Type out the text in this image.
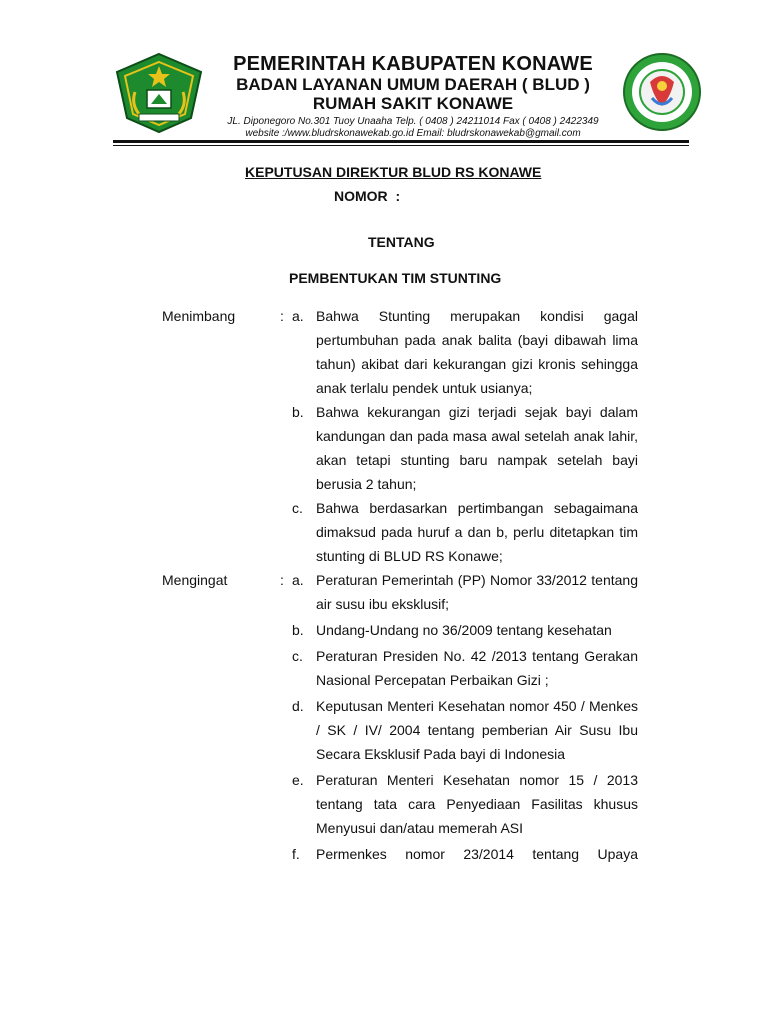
PEMERINTAH KABUPATEN KONAWE
BADAN LAYANAN UMUM DAERAH ( BLUD )
RUMAH SAKIT KONAWE
JL. Diponegoro No.301 Tuoy Unaaha Telp. ( 0408 ) 24211014 Fax ( 0408 ) 2422349
website :/www.bludrskonawekab.go.id Email: bludrskonawekab@gmail.com
KEPUTUSAN DIREKTUR BLUD RS KONAWE
NOMOR :
TENTANG
PEMBENTUKAN TIM STUNTING
Menimbang	: a. Bahwa Stunting merupakan kondisi gagal pertumbuhan pada anak balita (bayi dibawah lima tahun) akibat dari kekurangan gizi kronis sehingga anak terlalu pendek untuk usianya;
b. Bahwa kekurangan gizi terjadi sejak bayi dalam kandungan dan pada masa awal setelah anak lahir, akan tetapi stunting baru nampak setelah bayi berusia 2 tahun;
c. Bahwa berdasarkan pertimbangan sebagaimana dimaksud pada huruf a dan b, perlu ditetapkan tim stunting di BLUD RS Konawe;
Mengingat	: a. Peraturan Pemerintah (PP) Nomor 33/2012 tentang air susu ibu eksklusif;
b. Undang-Undang no 36/2009 tentang kesehatan
c. Peraturan Presiden No. 42 /2013 tentang Gerakan Nasional Percepatan Perbaikan Gizi ;
d. Keputusan Menteri Kesehatan nomor 450 / Menkes / SK / IV/ 2004 tentang pemberian Air Susu Ibu Secara Eksklusif Pada bayi di Indonesia
e. Peraturan Menteri Kesehatan nomor 15 / 2013 tentang tata cara Penyediaan Fasilitas khusus Menyusui dan/atau memerah ASI
f. Permenkes nomor 23/2014 tentang Upaya
